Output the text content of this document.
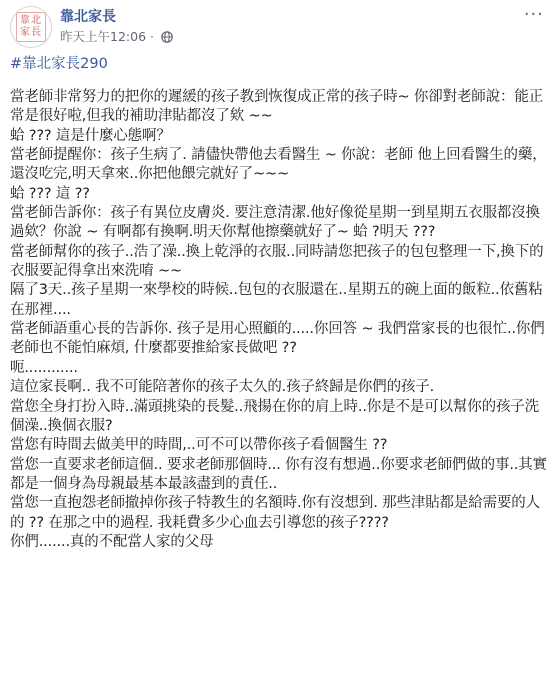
靠北
家長
靠北家長
昨天上午12:06 ·
···
#靠北家長290

當老師非常努力的把你的遲緩的孩子教到恢復成正常的孩子時~ 你卻對老師說：能正常是很好啦,但我的補助津貼都沒了欸 ~~
蛤 ??? 這是什麼心態啊？

當老師提醒你：孩子生病了. 請儘快帶他去看醫生 ~ 你說：老師 他上回看醫生的藥，還沒吃完,明天拿來..你把他餵完就好了~~~
蛤 ??? 這 ??

當老師告訴你：孩子有異位皮膚炎. 要注意清潔.他好像從星期一到星期五衣服都沒換過欸？你說 ~ 有啊都有換啊.明天你幫他擦藥就好了~ 蛤 ?明天 ???

當老師幫你的孩子..浩了澡..換上乾淨的衣服..同時請您把孩子的包包整理一下,換下的衣服要記得拿出來洗唷 ~~
隔了3天..孩子星期一來學校的時候..包包的衣服還在..星期五的碗上面的飯粒..依舊粘在那裡....

當老師語重心長的告訴你. 孩子是用心照顧的.....你回答 ~ 我們當家長的也很忙..你們老師也不能怕麻煩, 什麼都要推給家長做吧 ??
呃............

這位家長啊.. 我不可能陪著你的孩子太久的.孩子終歸是你們的孩子.
當您全身打扮入時..滿頭挑染的長髮..飛揚在你的肩上時..你是不是可以幫你的孩子洗個澡..換個衣服?
當您有時間去做美甲的時間,..可不可以帶你孩子看個醫生 ??
當您一直要求老師這個.. 要求老師那個時... 你有沒有想過..你要求老師們做的事..其實都是一個身為母親最基本最該盡到的責任..
當您一直抱怨老師撤掉你孩子特教生的名額時.你有沒想到. 那些津貼都是給需要的人的 ?? 在那之中的過程. 我耗費多少心血去引導您的孩子????
你們.......真的不配當人家的父母
